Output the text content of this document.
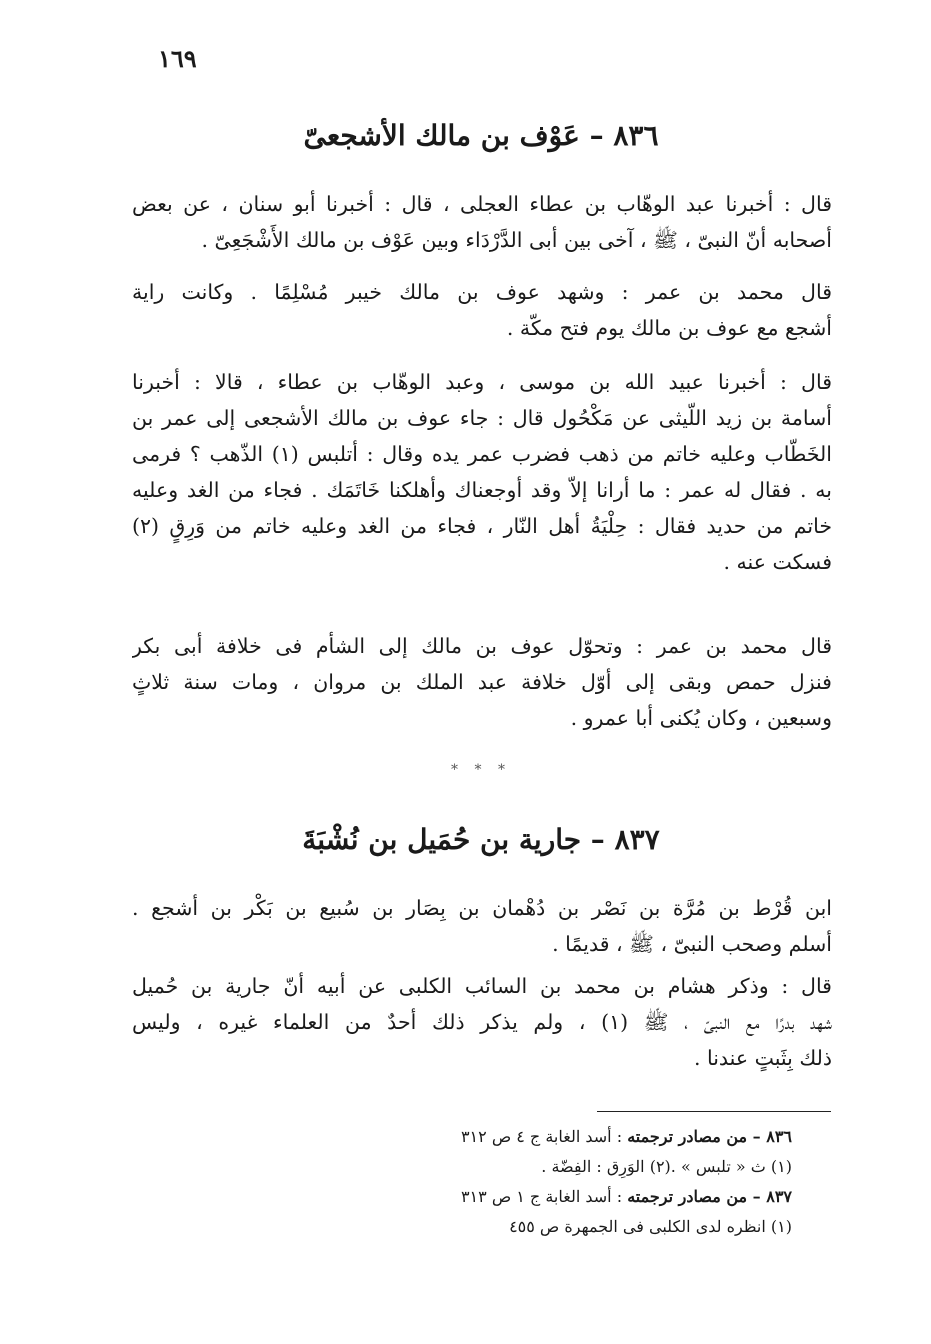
١٦٩
٨٣٦ – عَوْف بن مالك الأشجعىّ
قال : أخبرنا عبد الوهّاب بن عطاء العجلى ، قال : أخبرنا أبو سنان ، عن بعض
أصحابه أنّ النبىّ ، ﷺ ، آخى بين أبى الدَّرْدَاء وبين عَوْف بن مالك الأَشْجَعِىّ .
قال محمد بن عمر : وشهد عوف بن مالك خيبر مُسْلِمًا . وكانت راية
أشجع مع عوف بن مالك يوم فتح مكّة .
قال : أخبرنا عبيد الله بن موسى ، وعبد الوهّاب بن عطاء ، قالا : أخبرنا
أسامة بن زيد اللّيثى عن مَكْحُول قال : جاء عوف بن مالك الأشجعى إلى عمر بن
الخَطّاب وعليه خاتم من ذهب فضرب عمر يده وقال : أتلبس (١) الذّهب ؟ فرمى
به . فقال له عمر : ما أرانا إلاّ وقد أوجعناك وأهلكنا خَاتَمَك . فجاء من الغد وعليه
خاتم من حديد فقال : حِلْيَةُ أهل النّار ، فجاء من الغد وعليه خاتم من وَرِقٍ (٢)
فسكت عنه .
قال محمد بن عمر : وتحوّل عوف بن مالك إلى الشأم فى خلافة أبى بكر
فنزل حمص وبقى إلى أوّل خلافة عبد الملك بن مروان ، ومات سنة ثلاثٍ
وسبعين ، وكان يُكنى أبا عمرو .
* * *
٨٣٧ – جارية بن حُمَيل بن نُشْبَةَ
ابن قُرْط بن مُرَّة بن نَصْر بن دُهْمان بن بِصَار بن سُبيع بن بَكْر بن أشجع .
أسلم وصحب النبىّ ، ﷺ ، قديمًا .
قال : وذكر هشام بن محمد بن السائب الكلبى عن أبيه أنّ جارية بن حُميل
شهد بدرًا مع النبىّ ، ﷺ (١) ، ولم يذكر ذلك أحدٌ من العلماء غيره ، وليس
ذلك بِثَبتٍ عندنا .
٨٣٦ – من مصادر ترجمته : أسد الغابة ج ٤ ص ٣١٢
(١) ث « تلبس » .(٢) الوَرِق : الفِضّة .
٨٣٧ – من مصادر ترجمته : أسد الغابة ج ١ ص ٣١٣
(١) انظره لدى الكلبى فى الجمهرة ص ٤٥٥
